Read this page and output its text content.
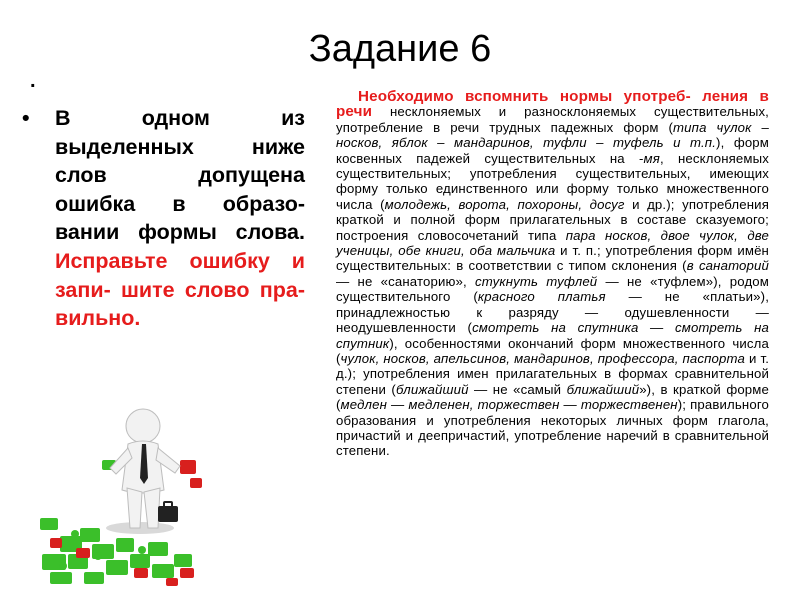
Задание 6
.
•	В одном из выделенных ниже слов допущена ошибка в образо- вании формы слова. Исправьте ошибку и запи- шите слово пра- вильно.
Необходимо вспомнить нормы употреб- ления в речи несклоняемых и разносклоняемых существительных, употребление в речи трудных падежных форм (типа чулок – носков, яблок – мандаринов, туфли – туфель и т.п.), форм косвенных падежей существительных на -мя, несклоняемых существительных; употребления существительных, имеющих форму только единственного или форму только множественного числа (молодежь, ворота, похороны, досуг и др.); употребления краткой и полной форм прилагательных в составе сказуемого; построения словосочетаний типа пара носков, двое чулок, две ученицы, обе книги, оба мальчика и т. п.; употребления форм имён существительных: в соответствии с типом склонения (в санаторий — не «санаторию», стукнуть туфлей — не «туфлем»), родом существительного (красного платья — не «платьи»), принадлежностью к разряду — одушевленности — неодушевленности (смотреть на спутника — смотреть на спутник), особенностями окончаний форм множественного числа (чулок, носков, апельсинов, мандаринов, профессора, паспорта и т. д.); употребления имен прилагательных в формах сравнительной степени (ближайший — не «самый ближайший»), в краткой форме (медлен — медленен, торжествен — торжественен); правильного образования и употребления некоторых личных форм глагола, причастий и деепричастий, употребление наречий в сравнительной степени.
